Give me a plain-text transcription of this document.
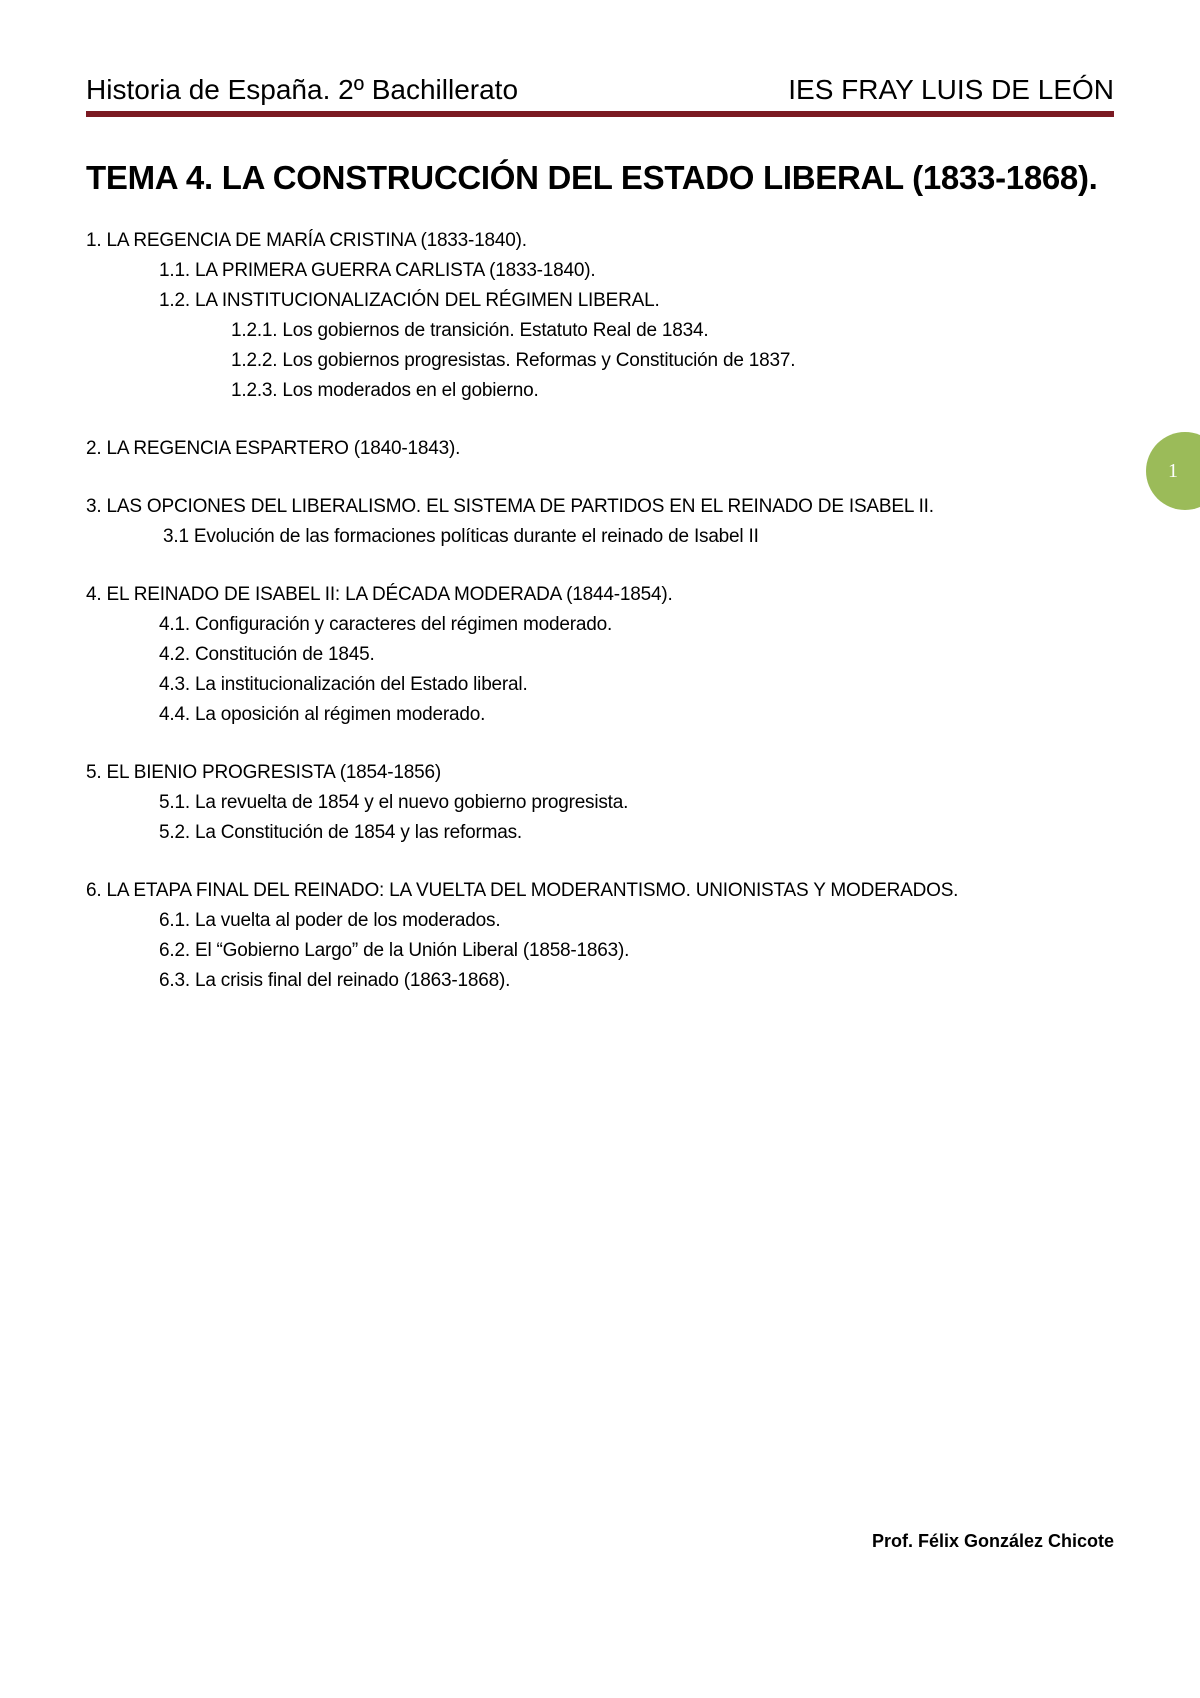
Historia de España. 2º Bachillerato	IES FRAY LUIS DE LEÓN
1
TEMA 4. LA CONSTRUCCIÓN DEL ESTADO LIBERAL (1833-1868).
1. LA REGENCIA DE MARÍA CRISTINA (1833-1840).
1.1. LA PRIMERA GUERRA CARLISTA (1833-1840).
1.2. LA INSTITUCIONALIZACIÓN DEL RÉGIMEN LIBERAL.
1.2.1. Los gobiernos de transición. Estatuto Real de 1834.
1.2.2. Los gobiernos progresistas. Reformas y Constitución de 1837.
1.2.3. Los moderados en el gobierno.
2. LA REGENCIA ESPARTERO (1840-1843).
3. LAS OPCIONES DEL LIBERALISMO. EL SISTEMA DE PARTIDOS EN EL REINADO DE ISABEL II.
3.1 Evolución de las formaciones políticas durante el reinado de Isabel II
4. EL REINADO DE ISABEL II: LA DÉCADA MODERADA (1844-1854).
4.1. Configuración y caracteres del régimen moderado.
4.2. Constitución de 1845.
4.3. La institucionalización del Estado liberal.
4.4. La oposición al régimen moderado.
5. EL BIENIO PROGRESISTA (1854-1856)
5.1. La revuelta de 1854 y el nuevo gobierno progresista.
5.2. La Constitución de 1854 y las reformas.
6. LA ETAPA FINAL DEL REINADO: LA VUELTA DEL MODERANTISMO. UNIONISTAS Y MODERADOS.
6.1. La vuelta al poder de los moderados.
6.2. El “Gobierno Largo” de la Unión Liberal (1858-1863).
6.3. La crisis final del reinado (1863-1868).
Prof. Félix González Chicote
